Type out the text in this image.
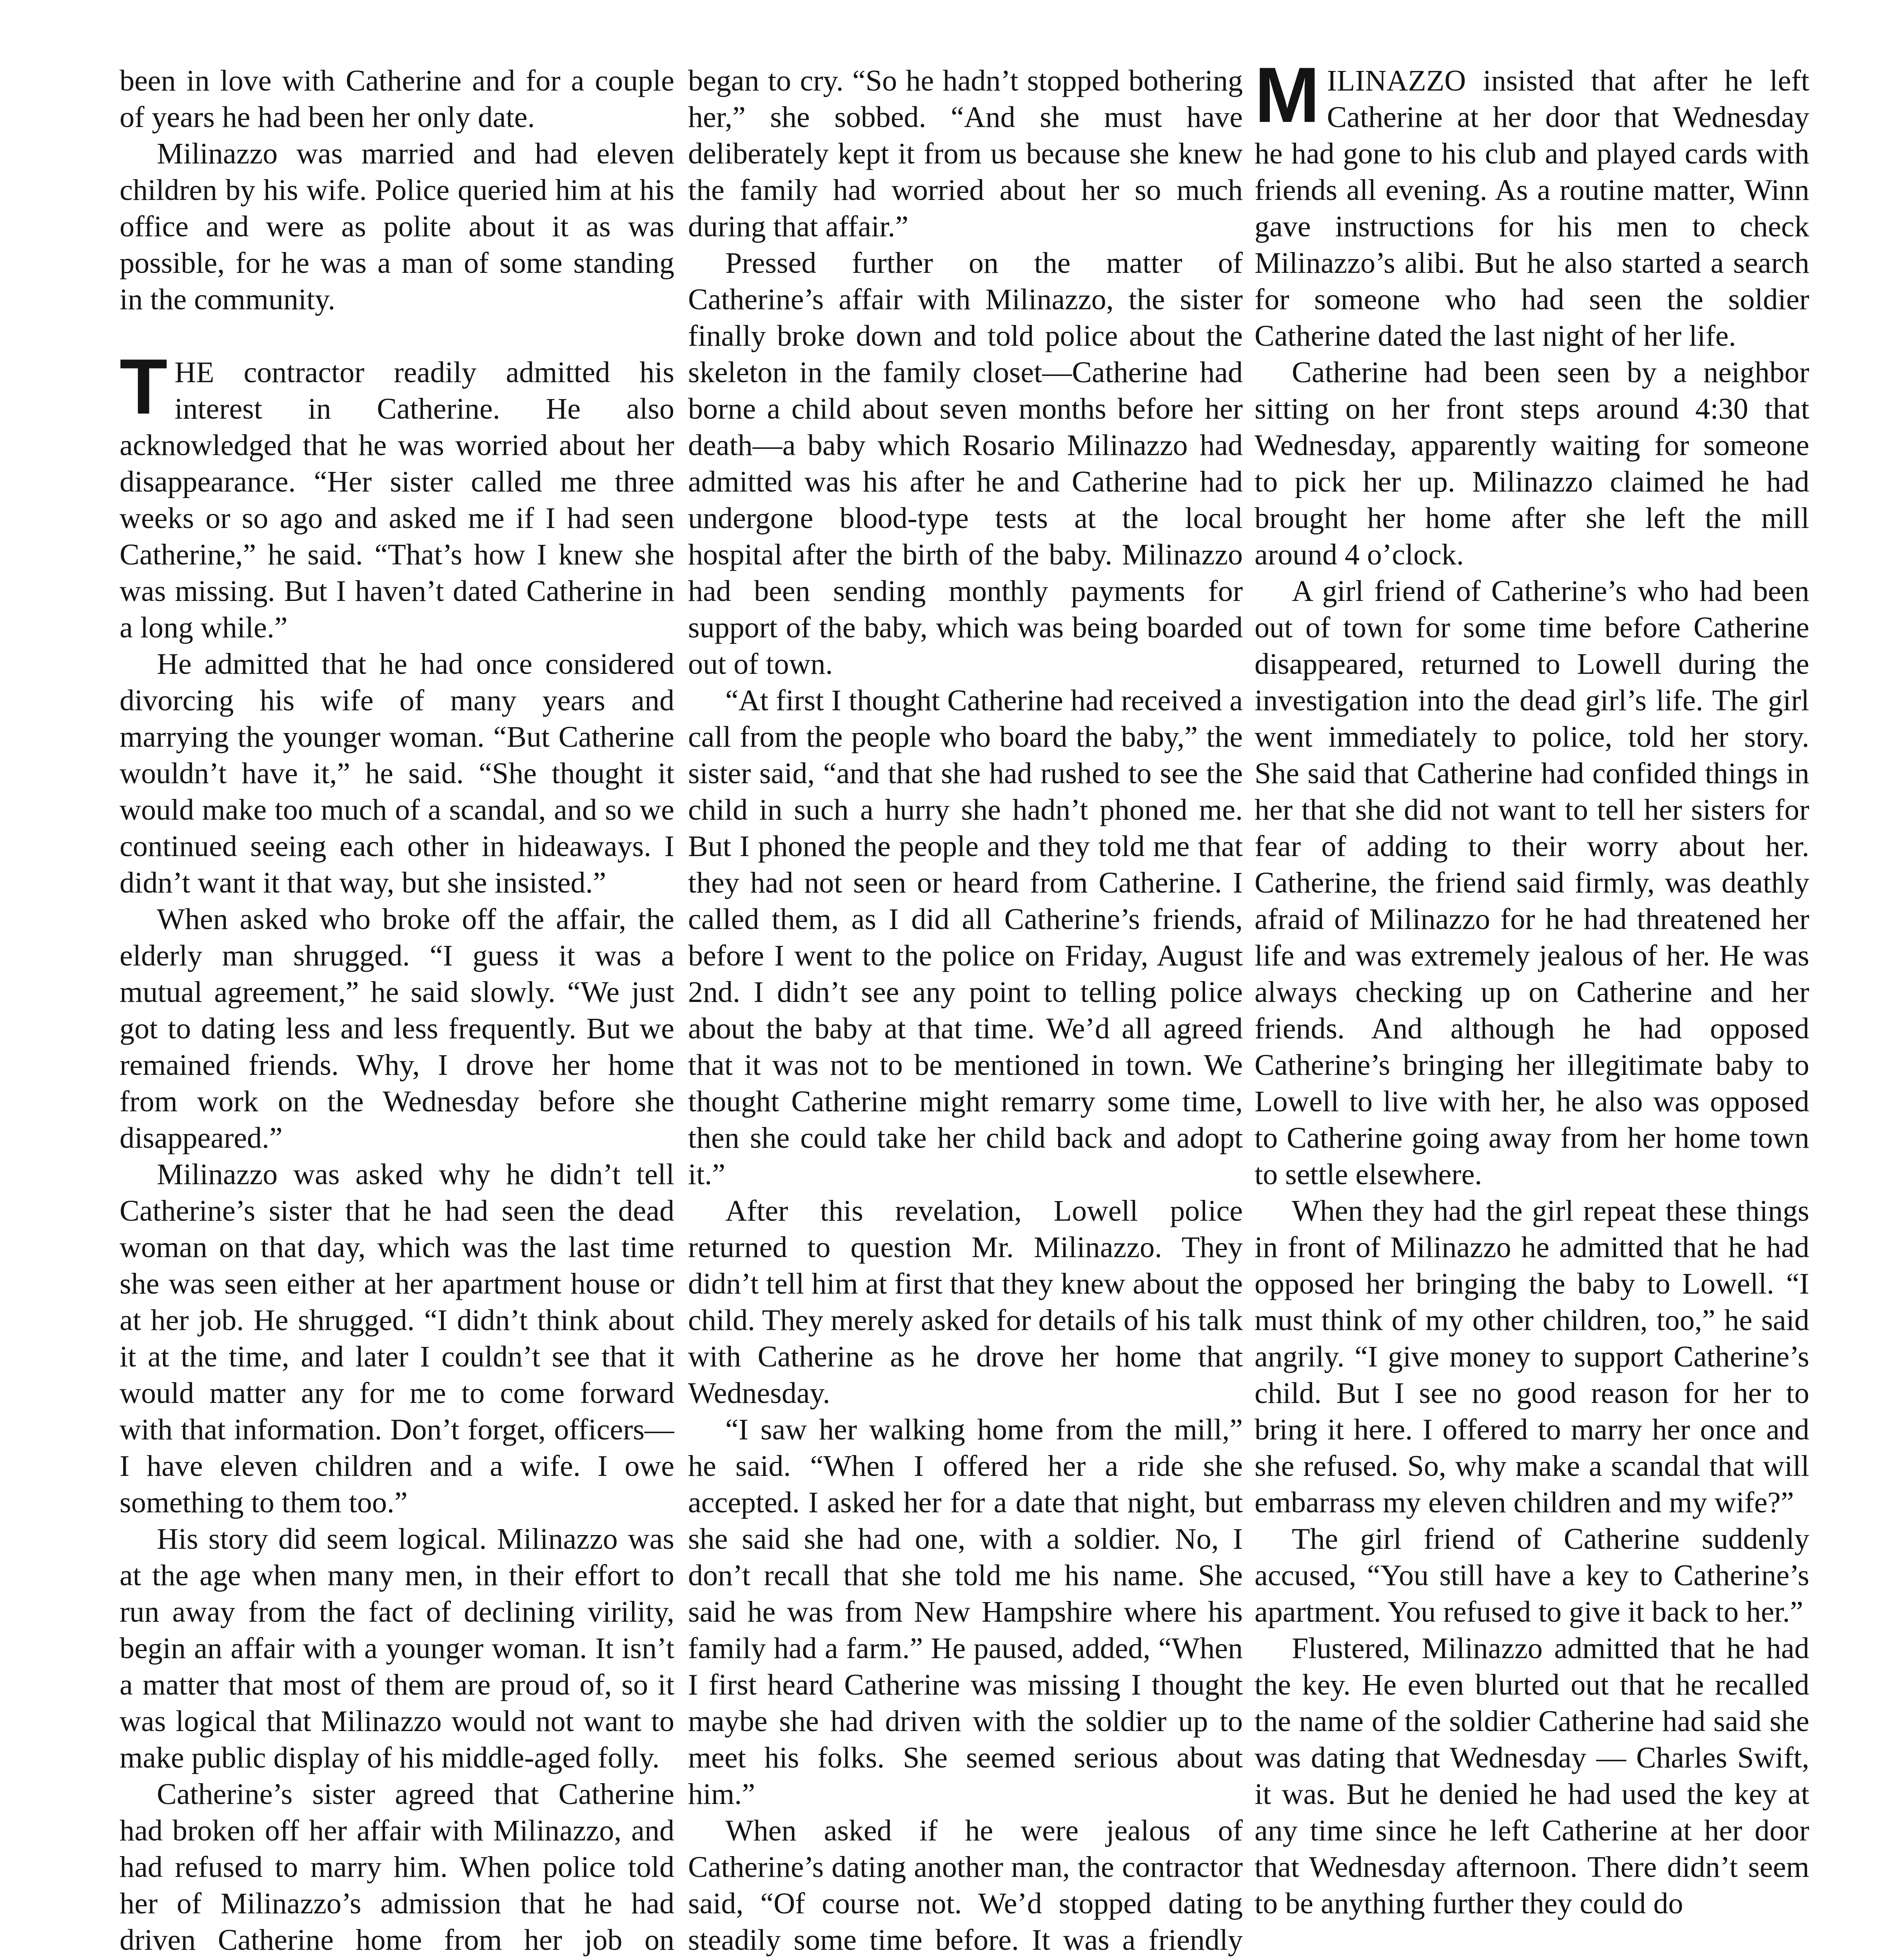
been in love with Catherine and for a couple of years he had been her only date.

Milinazzo was married and had eleven children by his wife. Police queried him at his office and were as polite about it as was possible, for he was a man of some standing in the community.

THE contractor readily admitted his interest in Catherine. He also acknowledged that he was worried about her disappearance. “Her sister called me three weeks or so ago and asked me if I had seen Catherine,” he said. “That’s how I knew she was missing. But I haven’t dated Catherine in a long while.”

He admitted that he had once considered divorcing his wife of many years and marrying the younger woman. “But Catherine wouldn’t have it,” he said. “She thought it would make too much of a scandal, and so we continued seeing each other in hideaways. I didn’t want it that way, but she insisted.”

When asked who broke off the affair, the elderly man shrugged. “I guess it was a mutual agreement,” he said slowly. “We just got to dating less and less frequently. But we remained friends. Why, I drove her home from work on the Wednesday before she disappeared.”

Milinazzo was asked why he didn’t tell Catherine’s sister that he had seen the dead woman on that day, which was the last time she was seen either at her apartment house or at her job. He shrugged. “I didn’t think about it at the time, and later I couldn’t see that it would matter any for me to come forward with that information. Don’t forget, officers—I have eleven children and a wife. I owe something to them too.”

His story did seem logical. Milinazzo was at the age when many men, in their effort to run away from the fact of declining virility, begin an affair with a younger woman. It isn’t a matter that most of them are proud of, so it was logical that Milinazzo would not want to make public display of his middle-aged folly.

Catherine’s sister agreed that Catherine had broken off her affair with Milinazzo, and had refused to marry him. When police told her of Milinazzo’s admission that he had driven Catherine home from her job on

began to cry. “So he hadn’t stopped bothering her,” she sobbed. “And she must have deliberately kept it from us because she knew the family had worried about her so much during that affair.”

Pressed further on the matter of Catherine’s affair with Milinazzo, the sister finally broke down and told police about the skeleton in the family closet—Catherine had borne a child about seven months before her death—a baby which Rosario Milinazzo had admitted was his after he and Catherine had undergone blood-type tests at the local hospital after the birth of the baby. Milinazzo had been sending monthly payments for support of the baby, which was being boarded out of town.

“At first I thought Catherine had received a call from the people who board the baby,” the sister said, “and that she had rushed to see the child in such a hurry she hadn’t phoned me. But I phoned the people and they told me that they had not seen or heard from Catherine. I called them, as I did all Catherine’s friends, before I went to the police on Friday, August 2nd. I didn’t see any point to telling police about the baby at that time. We’d all agreed that it was not to be mentioned in town. We thought Catherine might remarry some time, then she could take her child back and adopt it.”

After this revelation, Lowell police returned to question Mr. Milinazzo. They didn’t tell him at first that they knew about the child. They merely asked for details of his talk with Catherine as he drove her home that Wednesday.

“I saw her walking home from the mill,” he said. “When I offered her a ride she accepted. I asked her for a date that night, but she said she had one, with a soldier. No, I don’t recall that she told me his name. She said he was from New Hampshire where his family had a farm.” He paused, added, “When I first heard Catherine was missing I thought maybe she had driven with the soldier up to meet his folks. She seemed serious about him.”

When asked if he were jealous of Catherine’s dating another man, the contractor said, “Of course not. We’d stopped dating steadily some time before. It was a friendly

MILINAZZO insisted that after he left Catherine at her door that Wednesday he had gone to his club and played cards with friends all evening. As a routine matter, Winn gave instructions for his men to check Milinazzo’s alibi. But he also started a search for someone who had seen the soldier Catherine dated the last night of her life.

Catherine had been seen by a neighbor sitting on her front steps around 4:30 that Wednesday, apparently waiting for someone to pick her up. Milinazzo claimed he had brought her home after she left the mill around 4 o’clock.

A girl friend of Catherine’s who had been out of town for some time before Catherine disappeared, returned to Lowell during the investigation into the dead girl’s life. The girl went immediately to police, told her story. She said that Catherine had confided things in her that she did not want to tell her sisters for fear of adding to their worry about her. Catherine, the friend said firmly, was deathly afraid of Milinazzo for he had threatened her life and was extremely jealous of her. He was always checking up on Catherine and her friends. And although he had opposed Catherine’s bringing her illegitimate baby to Lowell to live with her, he also was opposed to Catherine going away from her home town to settle elsewhere.

When they had the girl repeat these things in front of Milinazzo he admitted that he had opposed her bringing the baby to Lowell. “I must think of my other children, too,” he said angrily. “I give money to support Catherine’s child. But I see no good reason for her to bring it here. I offered to marry her once and she refused. So, why make a scandal that will embarrass my eleven children and my wife?”

The girl friend of Catherine suddenly accused, “You still have a key to Catherine’s apartment. You refused to give it back to her.”

Flustered, Milinazzo admitted that he had the key. He even blurted out that he recalled the name of the soldier Catherine had said she was dating that Wednesday — Charles Swift, it was. But he denied he had used the key at any time since he left Catherine at her door that Wednesday afternoon. There didn’t seem to be anything further they could do
